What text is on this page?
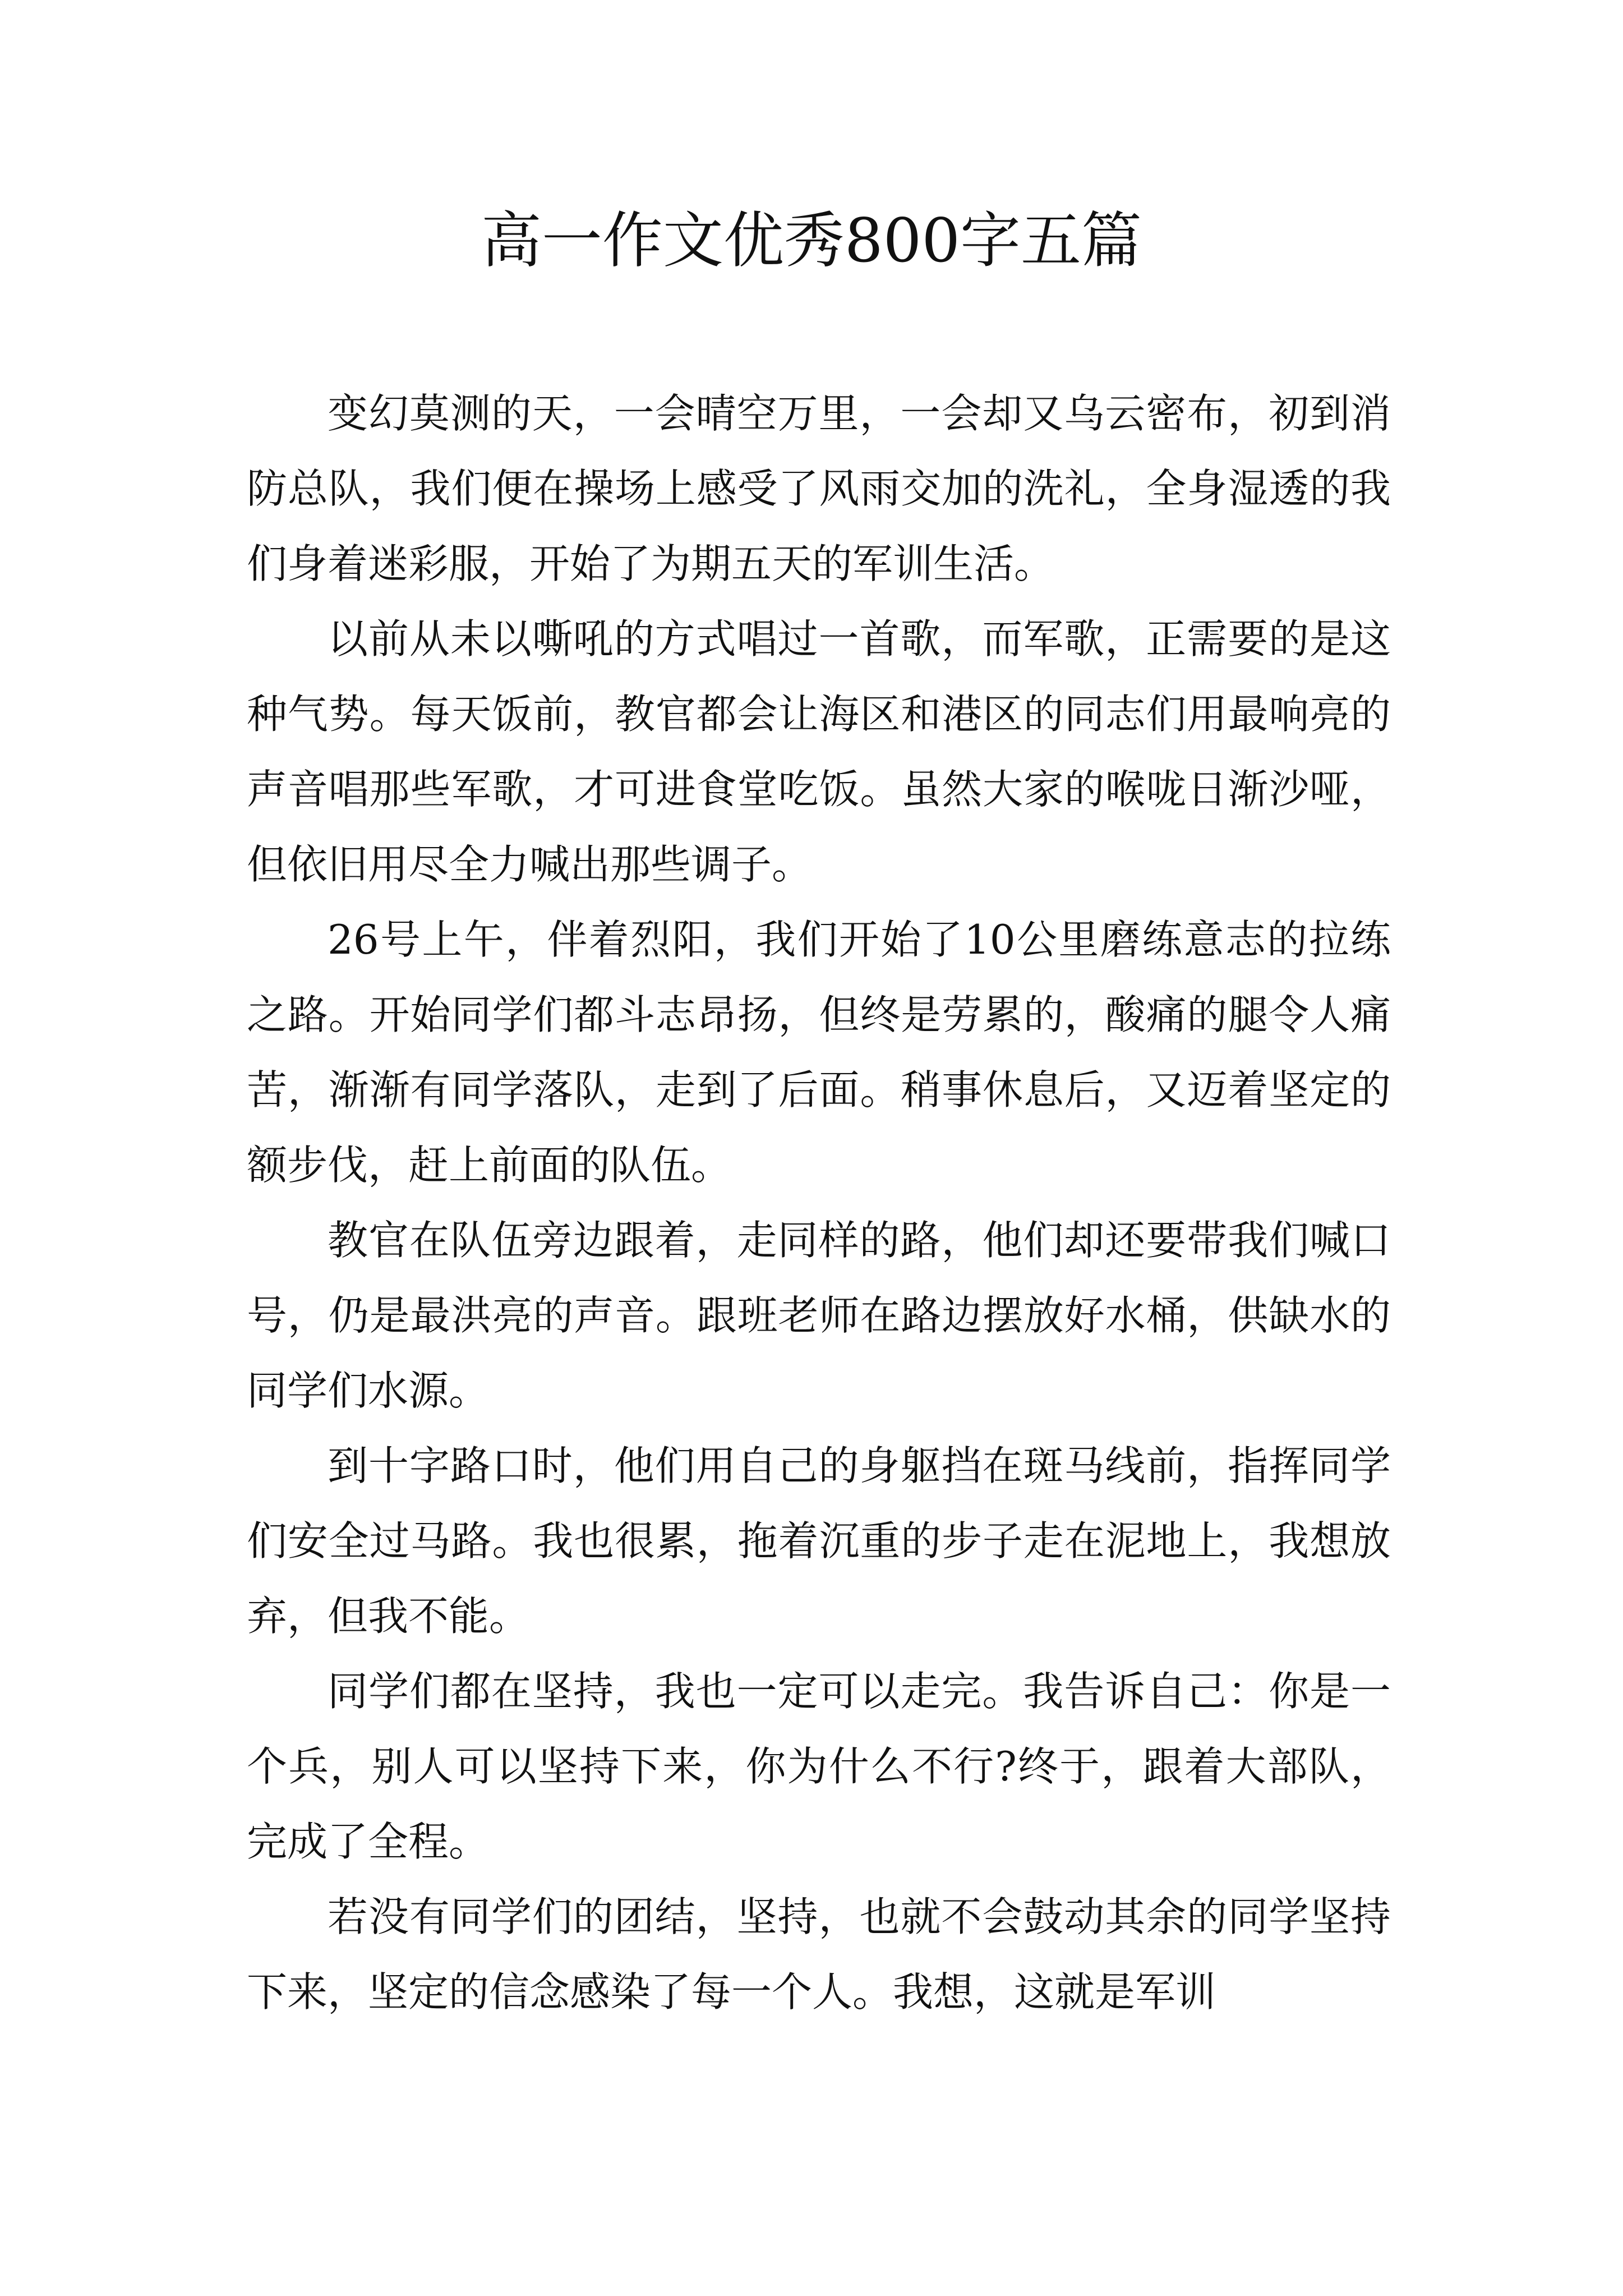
高一作文优秀800字五篇

变幻莫测的天，一会晴空万里，一会却又乌云密布，初到消防总队，我们便在操场上感受了风雨交加的洗礼，全身湿透的我们身着迷彩服，开始了为期五天的军训生活。

以前从未以嘶吼的方式唱过一首歌，而军歌，正需要的是这种气势。每天饭前，教官都会让海区和港区的同志们用最响亮的声音唱那些军歌，才可进食堂吃饭。虽然大家的喉咙日渐沙哑，但依旧用尽全力喊出那些调子。

26号上午，伴着烈阳，我们开始了10公里磨练意志的拉练之路。开始同学们都斗志昂扬，但终是劳累的，酸痛的腿令人痛苦，渐渐有同学落队，走到了后面。稍事休息后，又迈着坚定的额步伐，赶上前面的队伍。

教官在队伍旁边跟着，走同样的路，他们却还要带我们喊口号，仍是最洪亮的声音。跟班老师在路边摆放好水桶，供缺水的同学们水源。

到十字路口时，他们用自己的身躯挡在斑马线前，指挥同学们安全过马路。我也很累，拖着沉重的步子走在泥地上，我想放弃，但我不能。

同学们都在坚持，我也一定可以走完。我告诉自己：你是一个兵，别人可以坚持下来，你为什么不行?终于，跟着大部队，完成了全程。

若没有同学们的团结，坚持，也就不会鼓动其余的同学坚持下来，坚定的信念感染了每一个人。我想，这就是军训
